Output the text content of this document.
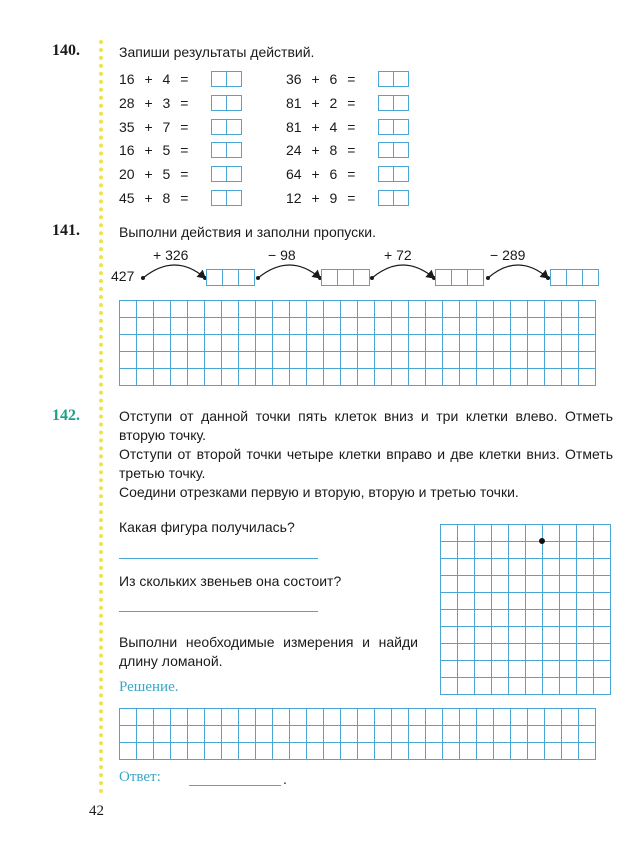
140.	Запиши результаты действий.
16 + 4 =
28 + 3 =
35 + 7 =
16 + 5 =
20 + 5 =
45 + 8 =
36 + 6 =
81 + 2 =
81 + 4 =
24 + 8 =
64 + 6 =
12 + 9 =
141.	Выполни действия и заполни пропуски.
427
+ 326	− 98	+ 72	− 289
142.	Отступи от данной точки пять клеток вниз и три клетки влево. Отметь вторую точку.
Отступи от второй точки четыре клетки вправо и две клетки вниз. Отметь третью точку.
Соедини отрезками первую и вторую, вторую и третью точки.
Какая фигура получилась?
Из скольких звеньев она состоит?
Выполни необходимые измерения и найди длину ломаной.
Решение.
Ответ:	.
42
